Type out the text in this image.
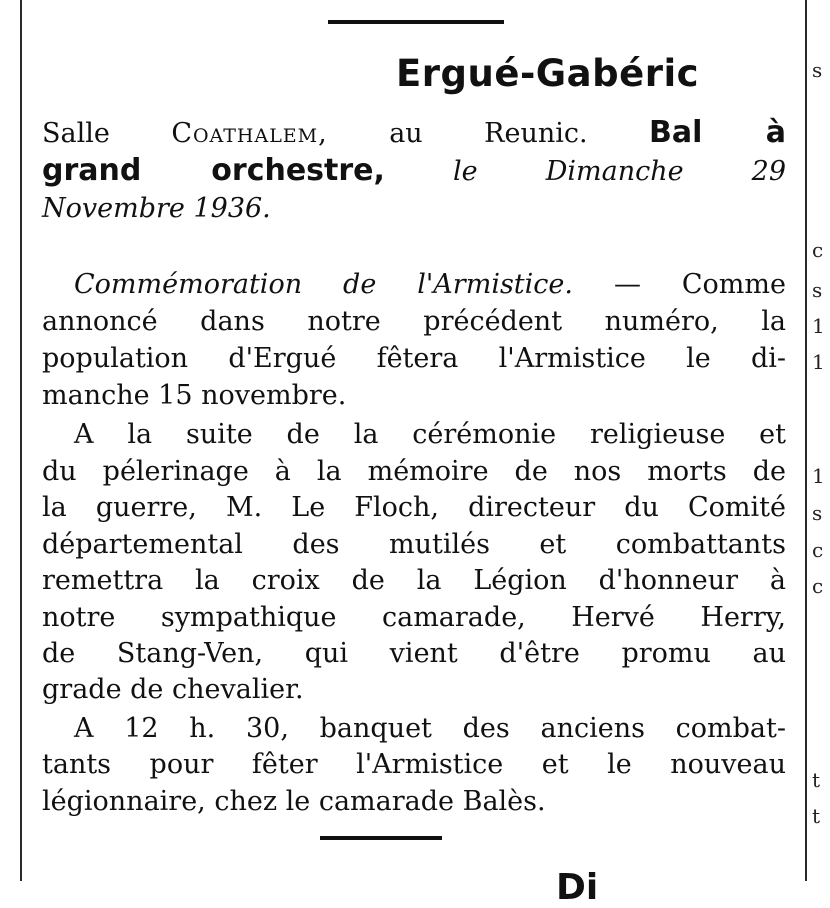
Ergué-Gabéric
Salle Coathalem, au Reunic. Bal à
grand orchestre,	le Dimanche 29
Novembre 1936.
Commémoration de l'Armistice. — Comme
annoncé dans notre précédent numéro, la
population d'Ergué fêtera l'Armistice le di-
manche 15 novembre.
A la suite de la cérémonie religieuse et
du pélerinage à la mémoire de nos morts de
la guerre, M. Le Floch, directeur du Comité
départemental des mutilés et combattants
remettra la croix de la Légion d'honneur à
notre sympathique camarade, Hervé Herry,
de Stang-Ven, qui vient d'être promu au
grade de chevalier.
A 12 h. 30, banquet des anciens combat-
tants pour fêter l'Armistice et le nouveau
légionnaire, chez le camarade Balès.
Di
s
c
s
1
1
1
s
c
c
t
t
